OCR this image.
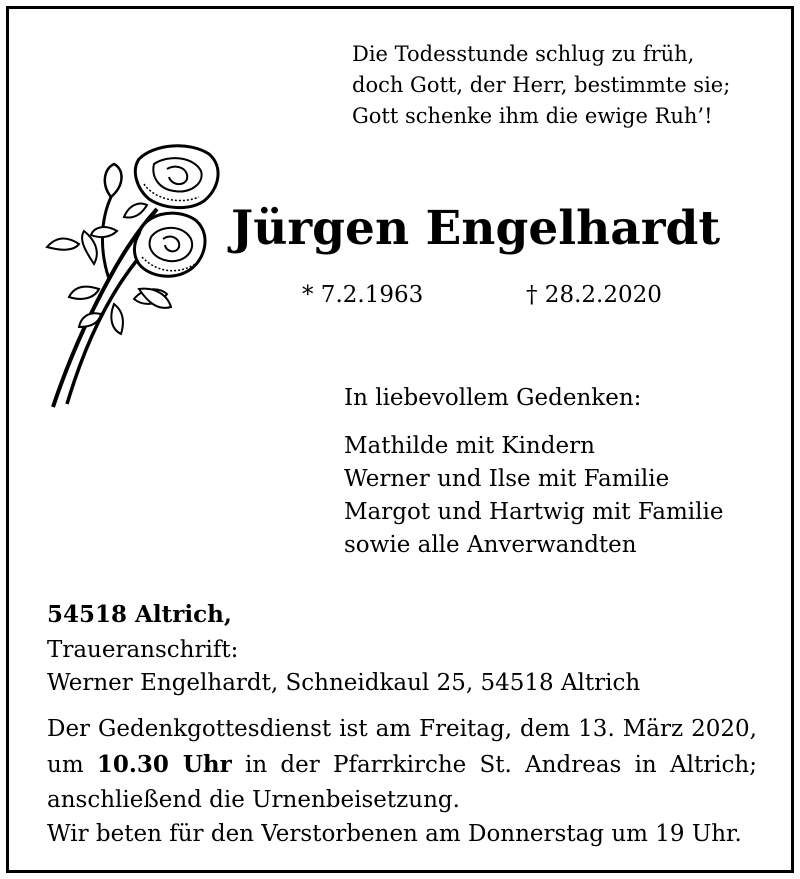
Die Todesstunde schlug zu früh,
doch Gott, der Herr, bestimmte sie;
Gott schenke ihm die ewige Ruh’!
Jürgen Engelhardt
* 7.2.1963	† 28.2.2020
In liebevollem Gedenken:
Mathilde mit Kindern
Werner und Ilse mit Familie
Margot und Hartwig mit Familie
sowie alle Anverwandten
54518 Altrich,
Traueranschrift:
Werner Engelhardt, Schneidkaul 25, 54518 Altrich
Der Gedenkgottesdienst ist am Freitag, dem 13. März 2020, um 10.30 Uhr in der Pfarrkirche St. Andreas in Altrich; anschließend die Urnenbeisetzung.
Wir beten für den Verstorbenen am Donnerstag um 19 Uhr.
